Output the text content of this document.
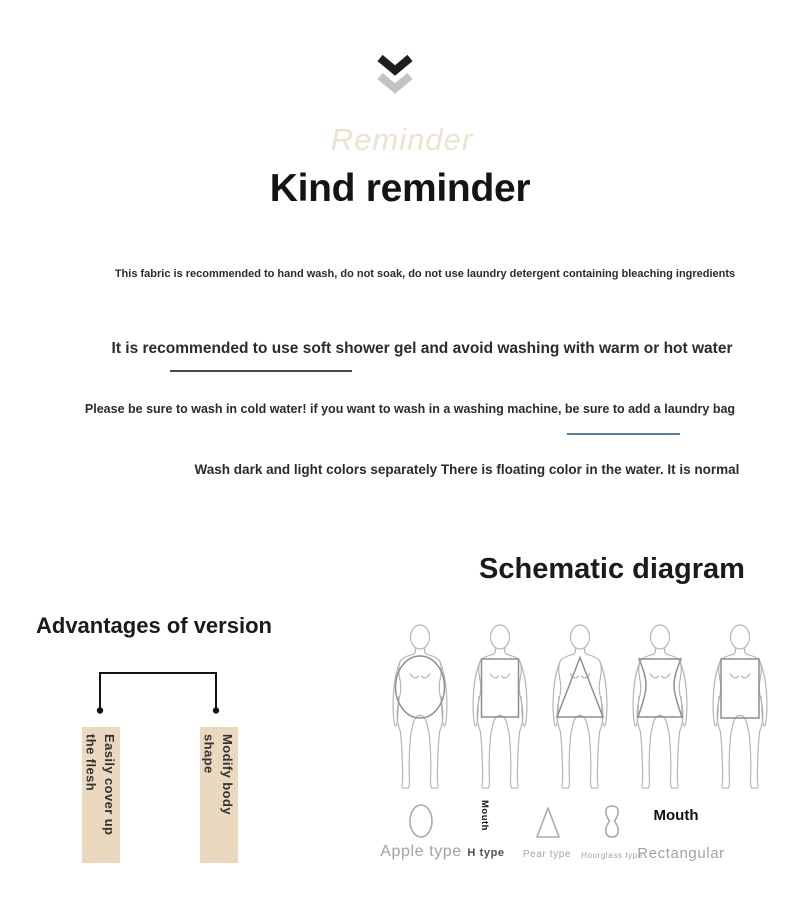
Reminder
Kind reminder
This fabric is recommended to hand wash, do not soak, do not use laundry detergent containing bleaching ingredients
It is recommended to use soft shower gel and avoid washing with warm or hot water
Please be sure to wash in cold water! if you want to wash in a washing machine, be sure to add a laundry bag
Wash dark and light colors separately There is floating color in the water. It is normal
Schematic diagram
Advantages of version
Easily cover up
the flesh	Modify body
shape
Mouth	Mouth
Apple type H type Pear type Hourglass type
Rectangular
